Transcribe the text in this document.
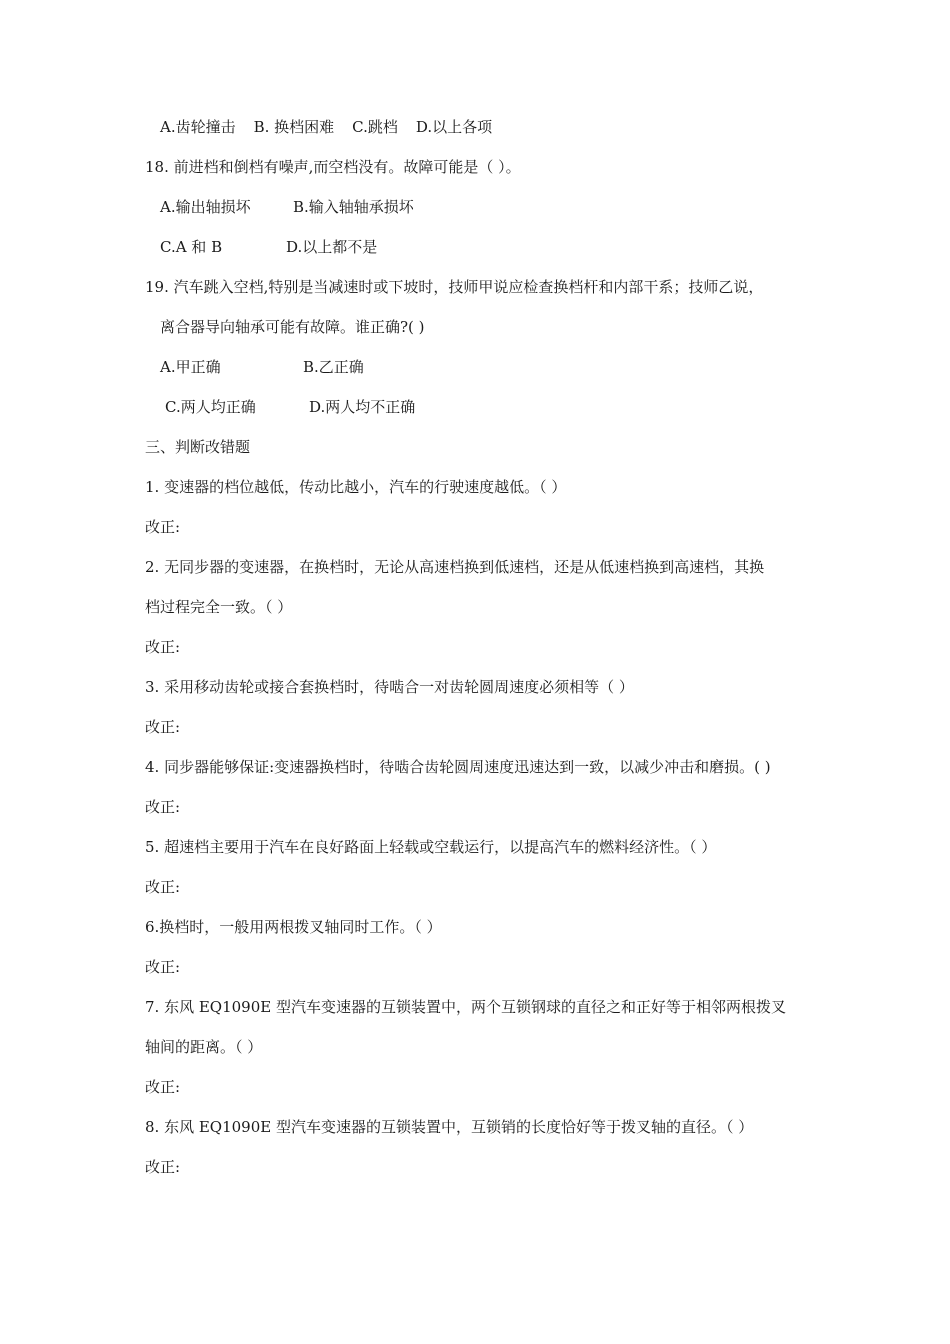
A.齿轮撞击 B. 换档困难 C.跳档 D.以上各项
18. 前进档和倒档有噪声,而空档没有。故障可能是（ ）。
A.输出轴损坏	B.输入轴轴承损坏
C.A 和 B	D.以上都不是
19. 汽车跳入空档,特别是当减速时或下坡时，技师甲说应检查换档杆和内部干系；技师乙说，
离合器导向轴承可能有故障。谁正确?( )
A.甲正确	B.乙正确
C.两人均正确	D.两人均不正确
三、判断改错题
1. 变速器的档位越低，传动比越小，汽车的行驶速度越低。（ ）
改正:
2. 无同步器的变速器，在换档时，无论从高速档换到低速档，还是从低速档换到高速档，其换
档过程完全一致。（ ）
改正:
3. 采用移动齿轮或接合套换档时，待啮合一对齿轮圆周速度必须相等（ ）
改正:
4. 同步器能够保证:变速器换档时，待啮合齿轮圆周速度迅速达到一致，以减少冲击和磨损。( )
改正:
5. 超速档主要用于汽车在良好路面上轻载或空载运行，以提高汽车的燃料经济性。（ ）
改正:
6.换档时，一般用两根拨叉轴同时工作。（ ）
改正:
7. 东风 EQ1090E 型汽车变速器的互锁装置中，两个互锁钢球的直径之和正好等于相邻两根拨叉
轴间的距离。（ ）
改正:
8. 东风 EQ1090E 型汽车变速器的互锁装置中，互锁销的长度恰好等于拨叉轴的直径。（ ）
改正:
